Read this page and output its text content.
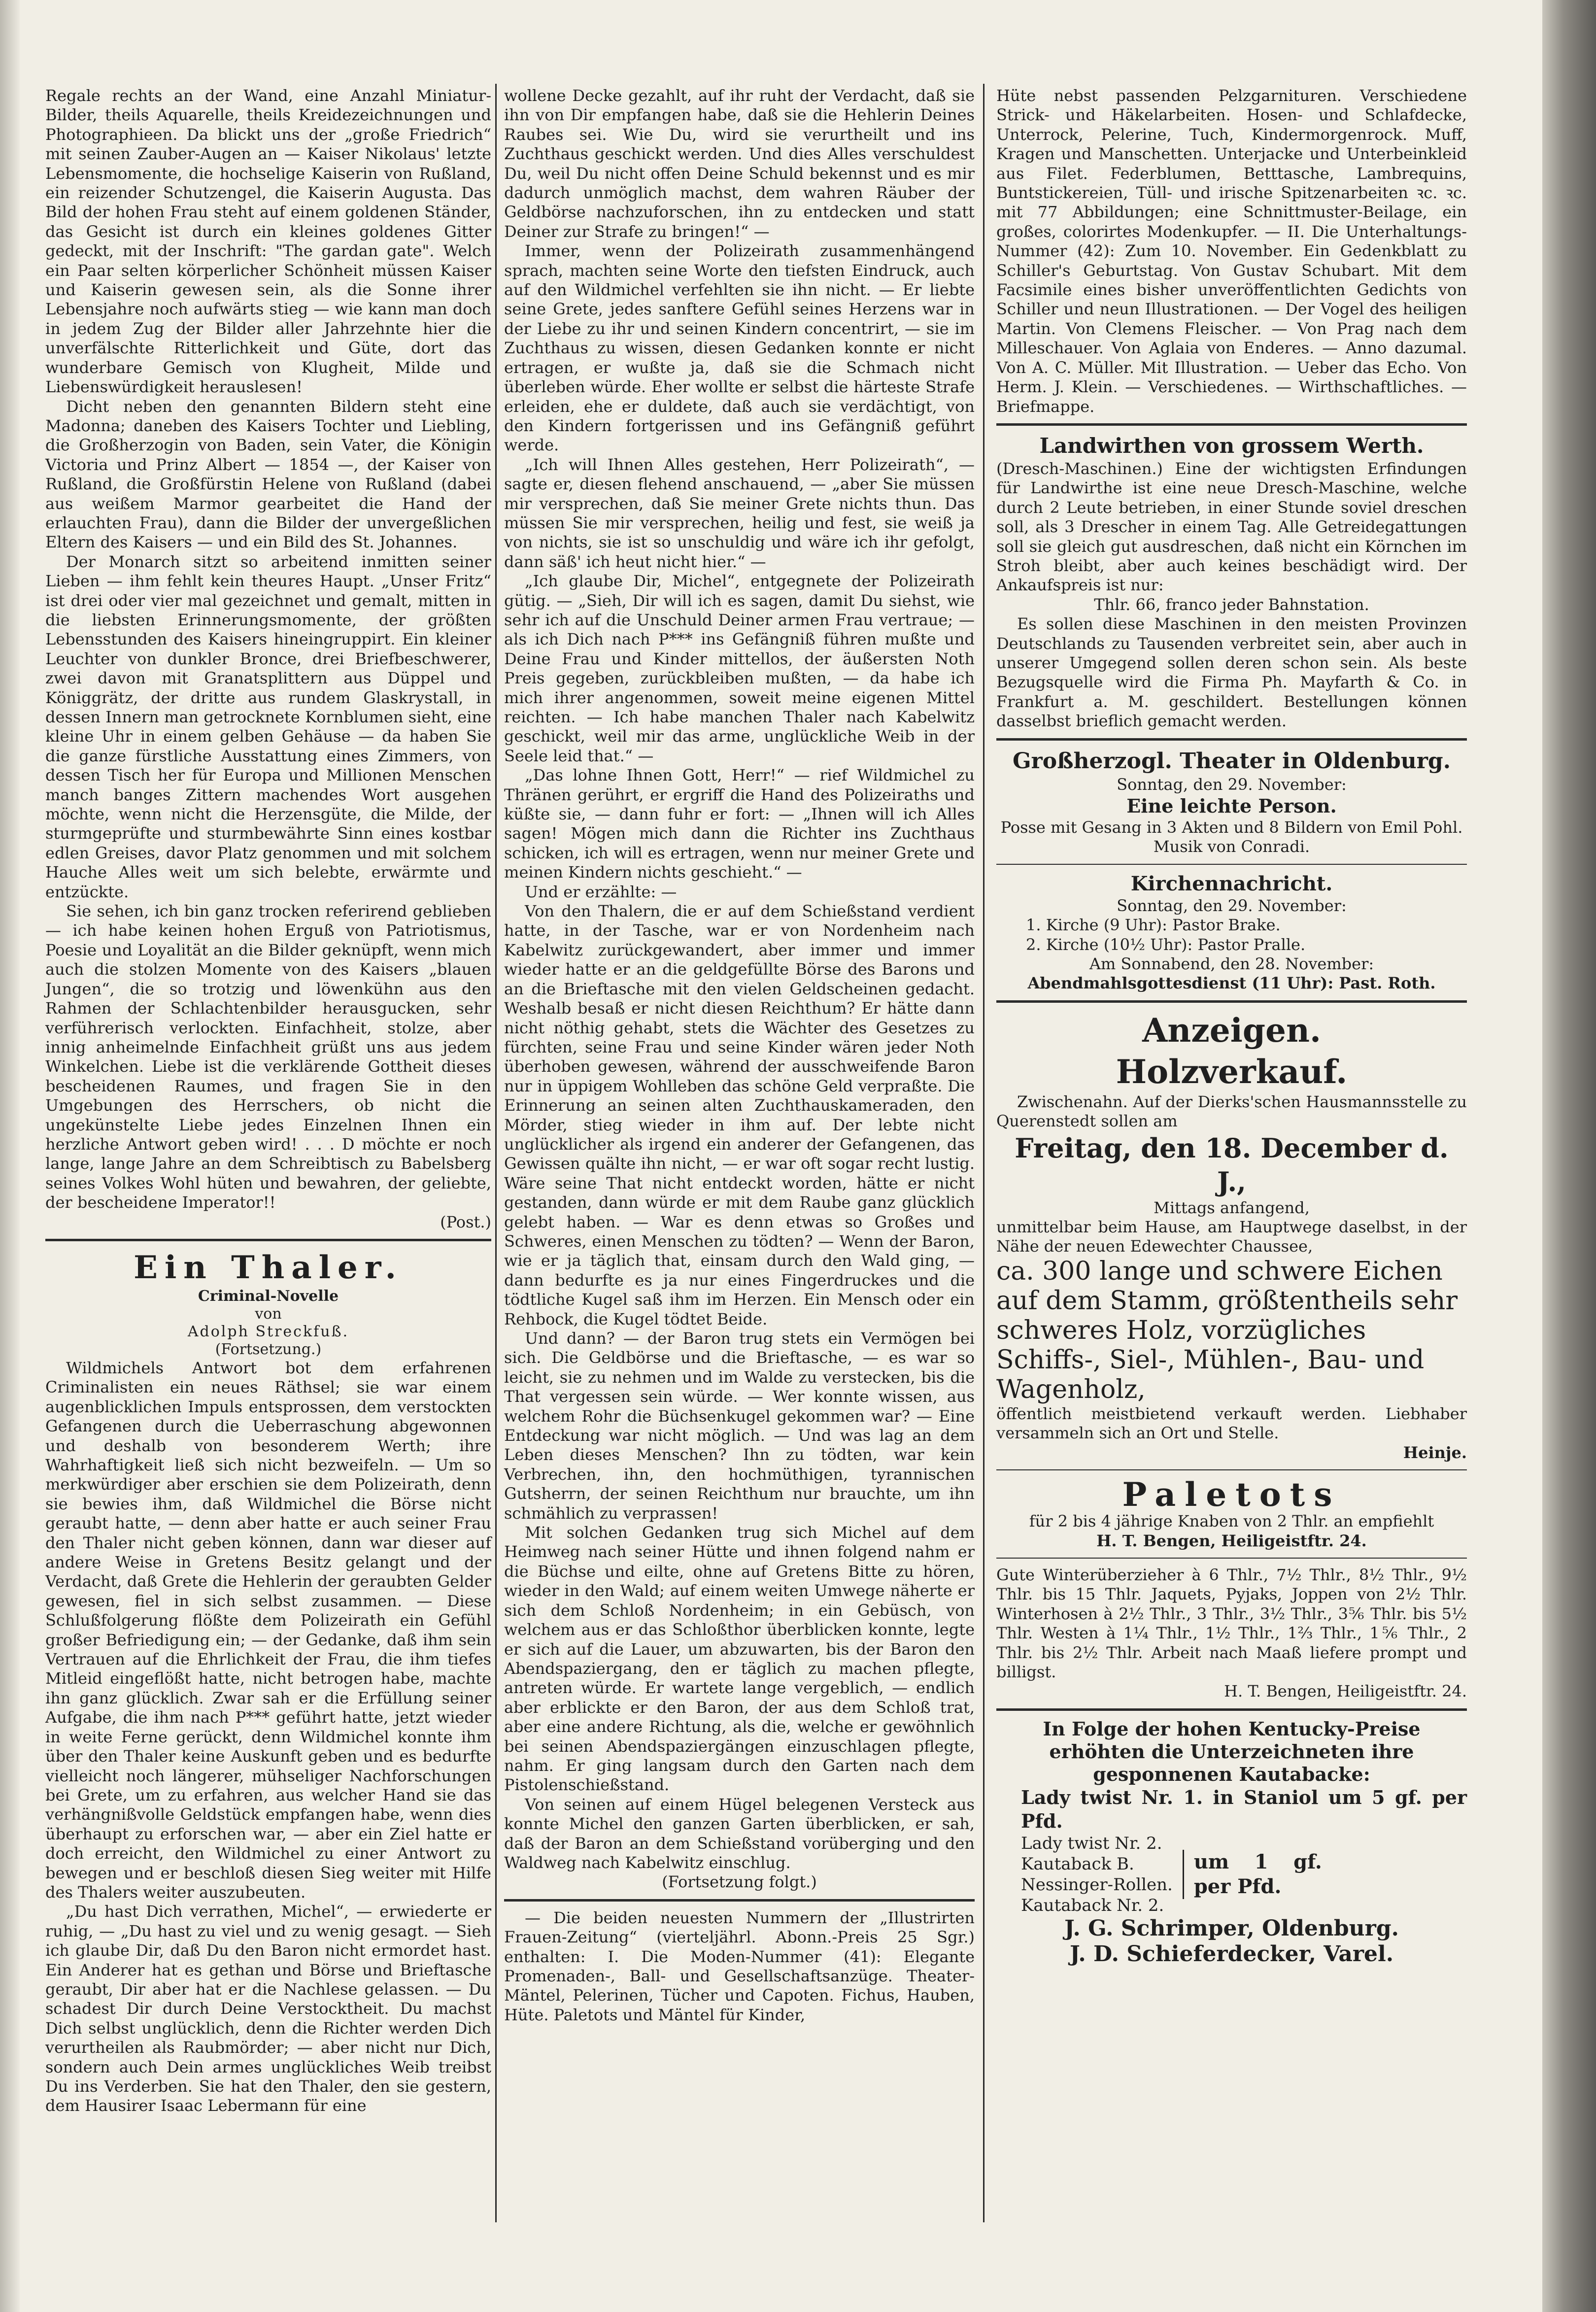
Regale rechts an der Wand, eine Anzahl Miniatur-Bilder, theils Aquarelle, theils Kreidezeichnungen und Photographieen. Da blickt uns der „große Friedrich“ mit seinen Zauber-Augen an — Kaiser Nikolaus' letzte Lebensmomente, die hochselige Kaiserin von Rußland, ein reizender Schutzengel, die Kaiserin Augusta. Das Bild der hohen Frau steht auf einem goldenen Ständer, das Gesicht ist durch ein kleines goldenes Gitter gedeckt, mit der Inschrift: "The gardan gate". Welch ein Paar selten körperlicher Schönheit müssen Kaiser und Kaiserin gewesen sein, als die Sonne ihrer Lebensjahre noch aufwärts stieg — wie kann man doch in jedem Zug der Bilder aller Jahrzehnte hier die unverfälschte Ritterlichkeit und Güte, dort das wunderbare Gemisch von Klugheit, Milde und Liebenswürdigkeit herauslesen!

Dicht neben den genannten Bildern steht eine Madonna; daneben des Kaisers Tochter und Liebling, die Großherzogin von Baden, sein Vater, die Königin Victoria und Prinz Albert — 1854 —, der Kaiser von Rußland, die Großfürstin Helene von Rußland (dabei aus weißem Marmor gearbeitet die Hand der erlauchten Frau), dann die Bilder der unvergeßlichen Eltern des Kaisers — und ein Bild des St. Johannes.

Der Monarch sitzt so arbeitend inmitten seiner Lieben — ihm fehlt kein theures Haupt. „Unser Fritz“ ist drei oder vier mal gezeichnet und gemalt, mitten in die liebsten Erinnerungsmomente, der größten Lebensstunden des Kaisers hineingruppirt. Ein kleiner Leuchter von dunkler Bronce, drei Briefbeschwerer, zwei davon mit Granatsplittern aus Düppel und Königgrätz, der dritte aus rundem Glaskrystall, in dessen Innern man getrocknete Kornblumen sieht, eine kleine Uhr in einem gelben Gehäuse — da haben Sie die ganze fürstliche Ausstattung eines Zimmers, von dessen Tisch her für Europa und Millionen Menschen manch banges Zittern machendes Wort ausgehen möchte, wenn nicht die Herzensgüte, die Milde, der sturmgeprüfte und sturmbewährte Sinn eines kostbar edlen Greises, davor Platz genommen und mit solchem Hauche Alles weit um sich belebte, erwärmte und entzückte.

Sie sehen, ich bin ganz trocken referirend geblieben — ich habe keinen hohen Erguß von Patriotismus, Poesie und Loyalität an die Bilder geknüpft, wenn mich auch die stolzen Momente von des Kaisers „blauen Jungen“, die so trotzig und löwenkühn aus den Rahmen der Schlachtenbilder herausgucken, sehr verführerisch verlockten. Einfachheit, stolze, aber innig anheimelnde Einfachheit grüßt uns aus jedem Winkelchen. Liebe ist die verklärende Gottheit dieses bescheidenen Raumes, und fragen Sie in den Umgebungen des Herrschers, ob nicht die ungekünstelte Liebe jedes Einzelnen Ihnen ein herzliche Antwort geben wird! . . . D möchte er noch lange, lange Jahre an dem Schreibtisch zu Babelsberg seines Volkes Wohl hüten und bewahren, der geliebte, der bescheidene Imperator!!

(Post.)
Ein Thaler.
Criminal-Novelle
von
Adolph Streckfuß.
(Fortsetzung.)

Wildmichels Antwort bot dem erfahrenen Criminalisten ein neues Räthsel; sie war einem augenblicklichen Impuls entsprossen, dem verstockten Gefangenen durch die Ueberraschung abgewonnen und deshalb von besonderem Werth; ihre Wahrhaftigkeit ließ sich nicht bezweifeln. — Um so merkwürdiger aber erschien sie dem Polizeirath, denn sie bewies ihm, daß Wildmichel die Börse nicht geraubt hatte, — denn aber hatte er auch seiner Frau den Thaler nicht geben können, dann war dieser auf andere Weise in Gretens Besitz gelangt und der Verdacht, daß Grete die Hehlerin der geraubten Gelder gewesen, fiel in sich selbst zusammen. — Diese Schlußfolgerung flößte dem Polizeirath ein Gefühl großer Befriedigung ein; — der Gedanke, daß ihm sein Vertrauen auf die Ehrlichkeit der Frau, die ihm tiefes Mitleid eingeflößt hatte, nicht betrogen habe, machte ihn ganz glücklich. Zwar sah er die Erfüllung seiner Aufgabe, die ihm nach P*** geführt hatte, jetzt wieder in weite Ferne gerückt, denn Wildmichel konnte ihm über den Thaler keine Auskunft geben und es bedurfte vielleicht noch längerer, mühseliger Nachforschungen bei Grete, um zu erfahren, aus welcher Hand sie das verhängnißvolle Geldstück empfangen habe, wenn dies überhaupt zu erforschen war, — aber ein Ziel hatte er doch erreicht, den Wildmichel zu einer Antwort zu bewegen und er beschloß diesen Sieg weiter mit Hilfe des Thalers weiter auszubeuten.

„Du hast Dich verrathen, Michel“, — erwiederte er ruhig, — „Du hast zu viel und zu wenig gesagt. — Sieh ich glaube Dir, daß Du den Baron nicht ermordet hast. Ein Anderer hat es gethan und Börse und Brieftasche geraubt, Dir aber hat er die Nachlese gelassen. — Du schadest Dir durch Deine Verstocktheit. Du machst Dich selbst unglücklich, denn die Richter werden Dich verurtheilen als Raubmörder; — aber nicht nur Dich, sondern auch Dein armes unglückliches Weib treibst Du ins Verderben. Sie hat den Thaler, den sie gestern, dem Hausirer Isaac Lebermann für eine

wollene Decke gezahlt, auf ihr ruht der Verdacht, daß sie ihn von Dir empfangen habe, daß sie die Hehlerin Deines Raubes sei. Wie Du, wird sie verurtheilt und ins Zuchthaus geschickt werden. Und dies Alles verschuldest Du, weil Du nicht offen Deine Schuld bekennst und es mir dadurch unmöglich machst, dem wahren Räuber der Geldbörse nachzuforschen, ihn zu entdecken und statt Deiner zur Strafe zu bringen!“ —

Immer, wenn der Polizeirath zusammenhängend sprach, machten seine Worte den tiefsten Eindruck, auch auf den Wildmichel verfehlten sie ihn nicht. — Er liebte seine Grete, jedes sanftere Gefühl seines Herzens war in der Liebe zu ihr und seinen Kindern concentrirt, — sie im Zuchthaus zu wissen, diesen Gedanken konnte er nicht ertragen, er wußte ja, daß sie die Schmach nicht überleben würde. Eher wollte er selbst die härteste Strafe erleiden, ehe er duldete, daß auch sie verdächtigt, von den Kindern fortgerissen und ins Gefängniß geführt werde.

„Ich will Ihnen Alles gestehen, Herr Polizeirath“, — sagte er, diesen flehend anschauend, — „aber Sie müssen mir versprechen, daß Sie meiner Grete nichts thun. Das müssen Sie mir versprechen, heilig und fest, sie weiß ja von nichts, sie ist so unschuldig und wäre ich ihr gefolgt, dann säß' ich heut nicht hier.“ —

„Ich glaube Dir, Michel“, entgegnete der Polizeirath gütig. — „Sieh, Dir will ich es sagen, damit Du siehst, wie sehr ich auf die Unschuld Deiner armen Frau vertraue; — als ich Dich nach P*** ins Gefängniß führen mußte und Deine Frau und Kinder mittellos, der äußersten Noth Preis gegeben, zurückbleiben mußten, — da habe ich mich ihrer angenommen, soweit meine eigenen Mittel reichten. — Ich habe manchen Thaler nach Kabelwitz geschickt, weil mir das arme, unglückliche Weib in der Seele leid that.“ —

„Das lohne Ihnen Gott, Herr!“ — rief Wildmichel zu Thränen gerührt, er ergriff die Hand des Polizeiraths und küßte sie, — dann fuhr er fort: — „Ihnen will ich Alles sagen! Mögen mich dann die Richter ins Zuchthaus schicken, ich will es ertragen, wenn nur meiner Grete und meinen Kindern nichts geschieht.“ —

Und er erzählte: —

Von den Thalern, die er auf dem Schießstand verdient hatte, in der Tasche, war er von Nordenheim nach Kabelwitz zurückgewandert, aber immer und immer wieder hatte er an die geldgefüllte Börse des Barons und an die Brieftasche mit den vielen Geldscheinen gedacht. Weshalb besaß er nicht diesen Reichthum? Er hätte dann nicht nöthig gehabt, stets die Wächter des Gesetzes zu fürchten, seine Frau und seine Kinder wären jeder Noth überhoben gewesen, während der ausschweifende Baron nur in üppigem Wohlleben das schöne Geld verpraßte. Die Erinnerung an seinen alten Zuchthauskameraden, den Mörder, stieg wieder in ihm auf. Der lebte nicht unglücklicher als irgend ein anderer der Gefangenen, das Gewissen quälte ihn nicht, — er war oft sogar recht lustig. Wäre seine That nicht entdeckt worden, hätte er nicht gestanden, dann würde er mit dem Raube ganz glücklich gelebt haben. — War es denn etwas so Großes und Schweres, einen Menschen zu tödten? — Wenn der Baron, wie er ja täglich that, einsam durch den Wald ging, — dann bedurfte es ja nur eines Fingerdruckes und die tödtliche Kugel saß ihm im Herzen. Ein Mensch oder ein Rehbock, die Kugel tödtet Beide.

Und dann? — der Baron trug stets ein Vermögen bei sich. Die Geldbörse und die Brieftasche, — es war so leicht, sie zu nehmen und im Walde zu verstecken, bis die That vergessen sein würde. — Wer konnte wissen, aus welchem Rohr die Büchsenkugel gekommen war? — Eine Entdeckung war nicht möglich. — Und was lag an dem Leben dieses Menschen? Ihn zu tödten, war kein Verbrechen, ihn, den hochmüthigen, tyrannischen Gutsherrn, der seinen Reichthum nur brauchte, um ihn schmählich zu verprassen!

Mit solchen Gedanken trug sich Michel auf dem Heimweg nach seiner Hütte und ihnen folgend nahm er die Büchse und eilte, ohne auf Gretens Bitte zu hören, wieder in den Wald; auf einem weiten Umwege näherte er sich dem Schloß Nordenheim; in ein Gebüsch, von welchem aus er das Schloßthor überblicken konnte, legte er sich auf die Lauer, um abzuwarten, bis der Baron den Abendspaziergang, den er täglich zu machen pflegte, antreten würde. Er wartete lange vergeblich, — endlich aber erblickte er den Baron, der aus dem Schloß trat, aber eine andere Richtung, als die, welche er gewöhnlich bei seinen Abendspaziergängen einzuschlagen pflegte, nahm. Er ging langsam durch den Garten nach dem Pistolenschießstand.

Von seinen auf einem Hügel belegenen Versteck aus konnte Michel den ganzen Garten überblicken, er sah, daß der Baron an dem Schießstand vorüberging und den Waldweg nach Kabelwitz einschlug.

(Fortsetzung folgt.)

— Die beiden neuesten Nummern der „Illustrirten Frauen-Zeitung“ (vierteljährl. Abonn.-Preis 25 Sgr.) enthalten: I. Die Moden-Nummer (41): Elegante Promenaden-, Ball- und Gesellschaftsanzüge. Theater-Mäntel, Pelerinen, Tücher und Capoten. Fichus, Hauben, Hüte. Paletots und Mäntel für Kinder,

Hüte nebst passenden Pelzgarnituren. Verschiedene Strick- und Häkelarbeiten. Hosen- und Schlafdecke, Unterrock, Pelerine, Tuch, Kindermorgenrock. Muff, Kragen und Manschetten. Unterjacke und Unterbeinkleid aus Filet. Federblumen, Betttasche, Lambrequins, Buntstickereien, Tüll- und irische Spitzenarbeiten ꝛc. ꝛc. mit 77 Abbildungen; eine Schnittmuster-Beilage, ein großes, colorirtes Modenkupfer. — II. Die Unterhaltungs-Nummer (42): Zum 10. November. Ein Gedenkblatt zu Schiller's Geburtstag. Von Gustav Schubart. Mit dem Facsimile eines bisher unveröffentlichten Gedichts von Schiller und neun Illustrationen. — Der Vogel des heiligen Martin. Von Clemens Fleischer. — Von Prag nach dem Milleschauer. Von Aglaia von Enderes. — Anno dazumal. Von A. C. Müller. Mit Illustration. — Ueber das Echo. Von Herm. J. Klein. — Verschiedenes. — Wirthschaftliches. — Briefmappe.

Landwirthen von grossem Werth.

(Dresch-Maschinen.) Eine der wichtigsten Erfindungen für Landwirthe ist eine neue Dresch-Maschine, welche durch 2 Leute betrieben, in einer Stunde soviel dreschen soll, als 3 Drescher in einem Tag. Alle Getreidegattungen soll sie gleich gut ausdreschen, daß nicht ein Körnchen im Stroh bleibt, aber auch keines beschädigt wird. Der Ankaufspreis ist nur:

Thlr. 66, franco jeder Bahnstation.

Es sollen diese Maschinen in den meisten Provinzen Deutschlands zu Tausenden verbreitet sein, aber auch in unserer Umgegend sollen deren schon sein. Als beste Bezugsquelle wird die Firma Ph. Mayfarth & Co. in Frankfurt a. M. geschildert. Bestellungen können dasselbst brieflich gemacht werden.

Großherzogl. Theater in Oldenburg.
Sonntag, den 29. November:
Eine leichte Person.
Posse mit Gesang in 3 Akten und 8 Bildern von Emil Pohl. Musik von Conradi.
Kirchennachricht.
Sonntag, den 29. November:
1. Kirche (9 Uhr): Pastor Brake.
2. Kirche (10½ Uhr): Pastor Pralle.
Am Sonnabend, den 28. November:
Abendmahlsgottesdienst (11 Uhr): Past. Roth.
Anzeigen.
Holzverkauf.

Zwischenahn. Auf der Dierks'schen Hausmannsstelle zu Querenstedt sollen am

Freitag, den 18. December d. J.,
Mittags anfangend,

unmittelbar beim Hause, am Hauptwege daselbst, in der Nähe der neuen Edewechter Chaussee,

ca. 300 lange und schwere Eichen auf dem Stamm, größtentheils sehr schweres Holz, vorzügliches Schiffs-, Siel-, Mühlen-, Bau- und Wagenholz,

öffentlich meistbietend verkauft werden. Liebhaber versammeln sich an Ort und Stelle.

Heinje.
Paletots
für 2 bis 4 jährige Knaben von 2 Thlr. an empfiehlt
H. T. Bengen, Heiligeistftr. 24.

Gute Winterüberzieher à 6 Thlr., 7½ Thlr., 8½ Thlr., 9½ Thlr. bis 15 Thlr. Jaquets, Pyjaks, Joppen von 2½ Thlr. Winterhosen à 2½ Thlr., 3 Thlr., 3½ Thlr., 3⅚ Thlr. bis 5½ Thlr. Westen à 1¼ Thlr., 1½ Thlr., 1⅔ Thlr., 1⅚ Thlr., 2 Thlr. bis 2½ Thlr. Arbeit nach Maaß liefere prompt und billigst.

H. T. Bengen, Heiligeistftr. 24.
In Folge der hohen Kentucky-Preise erhöhten die Unterzeichneten ihre gesponnenen Kautabacke:
Lady twist Nr. 1. in Staniol um 5 gf. per Pfd.
Lady twist Nr. 2.
Kautaback B.
Nessinger-Rollen.
Kautaback Nr. 2.
um 1 gf. per Pfd.
J. G. Schrimper, Oldenburg.
J. D. Schieferdecker, Varel.
